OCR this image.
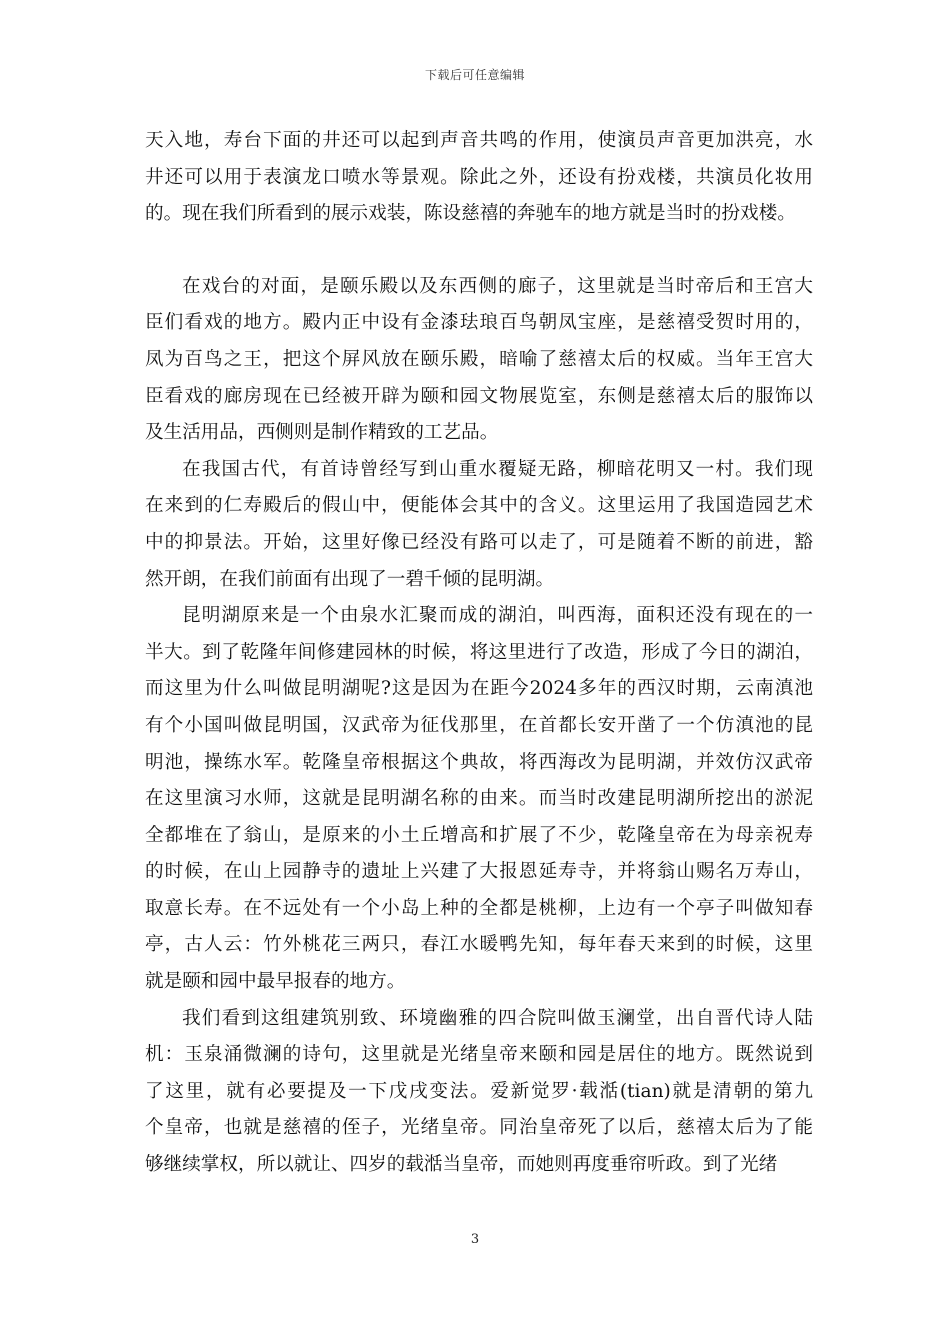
下载后可任意编辑
天入地，寿台下面的井还可以起到声音共鸣的作用，使演员声音更加洪亮，水
井还可以用于表演龙口喷水等景观。除此之外，还设有扮戏楼，共演员化妆用
的。现在我们所看到的展示戏装，陈设慈禧的奔驰车的地方就是当时的扮戏楼。
在戏台的对面，是颐乐殿以及东西侧的廊子，这里就是当时帝后和王宫大
臣们看戏的地方。殿内正中设有金漆珐琅百鸟朝凤宝座，是慈禧受贺时用的，
凤为百鸟之王，把这个屏风放在颐乐殿，暗喻了慈禧太后的权威。当年王宫大
臣看戏的廊房现在已经被开辟为颐和园文物展览室，东侧是慈禧太后的服饰以
及生活用品，西侧则是制作精致的工艺品。
在我国古代，有首诗曾经写到山重水覆疑无路，柳暗花明又一村。我们现
在来到的仁寿殿后的假山中，便能体会其中的含义。这里运用了我国造园艺术
中的抑景法。开始，这里好像已经没有路可以走了，可是随着不断的前进，豁
然开朗，在我们前面有出现了一碧千倾的昆明湖。
昆明湖原来是一个由泉水汇聚而成的湖泊，叫西海，面积还没有现在的一
半大。到了乾隆年间修建园林的时候，将这里进行了改造，形成了今日的湖泊，
而这里为什么叫做昆明湖呢?这是因为在距今2024多年的西汉时期，云南滇池
有个小国叫做昆明国，汉武帝为征伐那里，在首都长安开凿了一个仿滇池的昆
明池，操练水军。乾隆皇帝根据这个典故，将西海改为昆明湖，并效仿汉武帝
在这里演习水师，这就是昆明湖名称的由来。而当时改建昆明湖所挖出的淤泥
全都堆在了翁山，是原来的小土丘增高和扩展了不少，乾隆皇帝在为母亲祝寿
的时候，在山上园静寺的遗址上兴建了大报恩延寿寺，并将翁山赐名万寿山，
取意长寿。在不远处有一个小岛上种的全都是桃柳，上边有一个亭子叫做知春
亭，古人云：竹外桃花三两只，春江水暖鸭先知，每年春天来到的时候，这里
就是颐和园中最早报春的地方。
我们看到这组建筑别致、环境幽雅的四合院叫做玉澜堂，出自晋代诗人陆
机：玉泉涌微澜的诗句，这里就是光绪皇帝来颐和园是居住的地方。既然说到
了这里，就有必要提及一下戊戌变法。爱新觉罗·载湉(tian)就是清朝的第九
个皇帝，也就是慈禧的侄子，光绪皇帝。同治皇帝死了以后，慈禧太后为了能
够继续掌权，所以就让、四岁的载湉当皇帝，而她则再度垂帘听政。到了光绪
3
